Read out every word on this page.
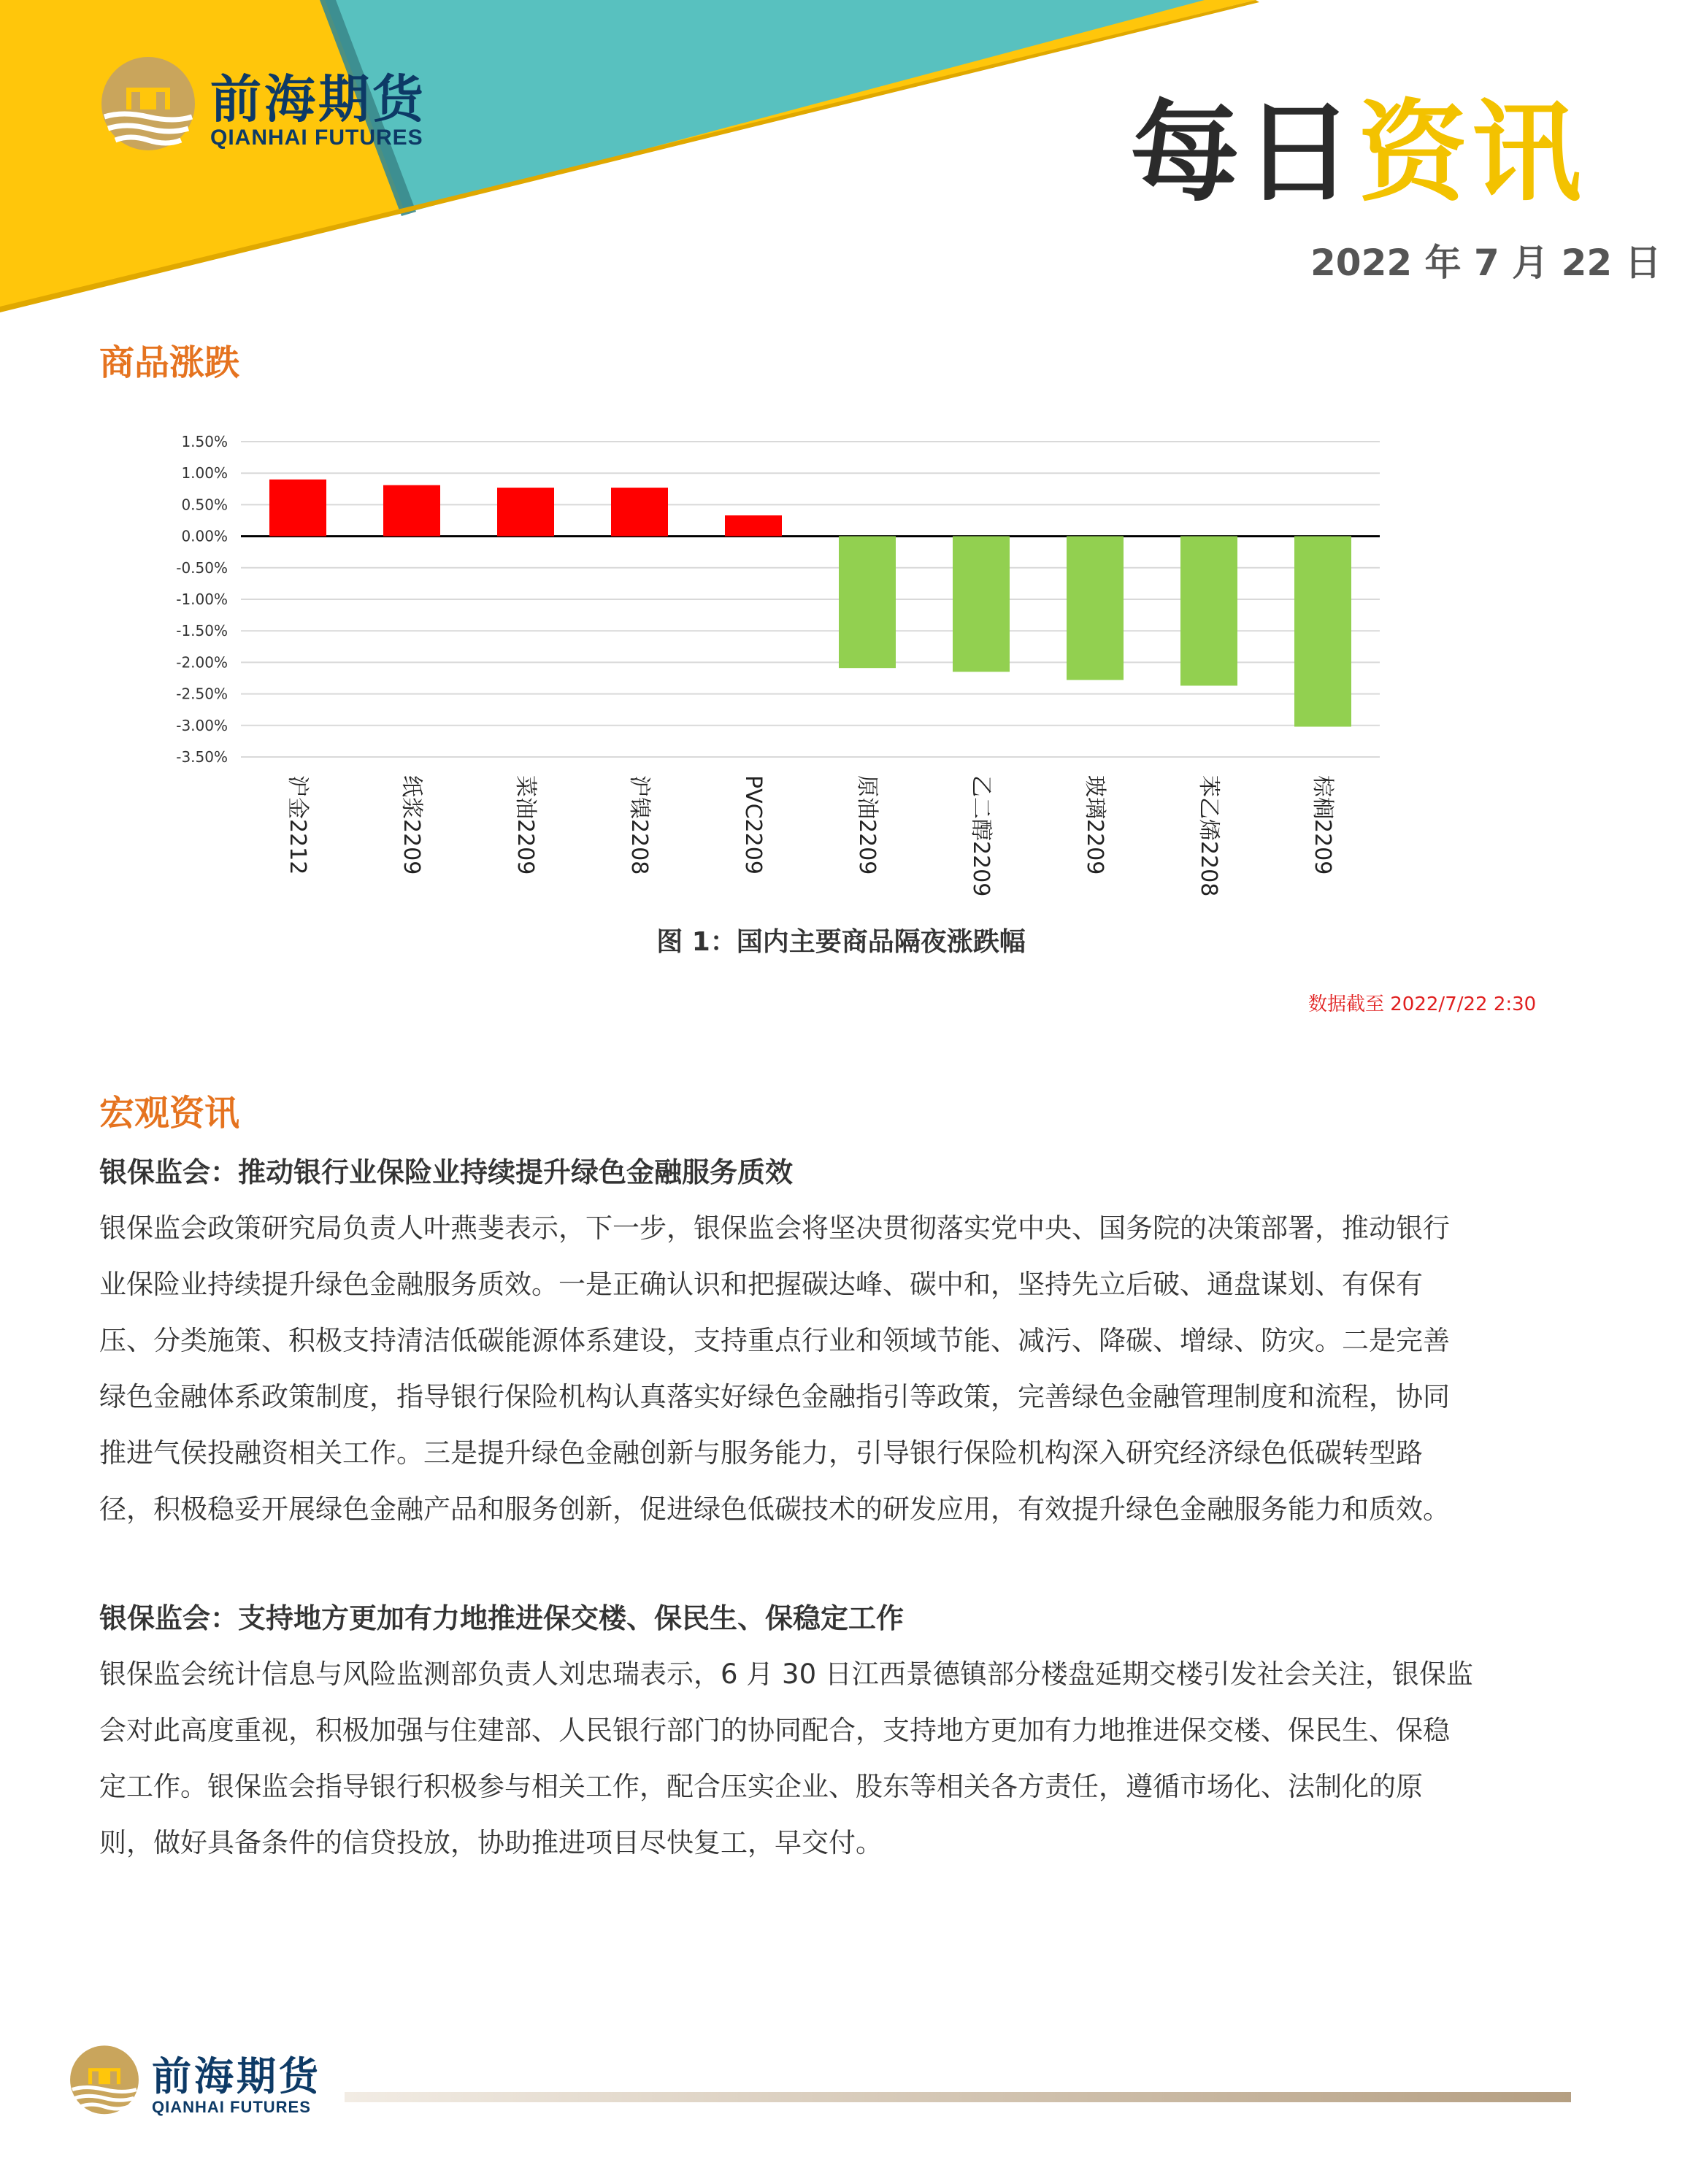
前海期货
QIANHAI FUTURES	每日资讯
2022 年 7 月 22 日
商品涨跌
1.50%
1.00%
0.50%
0.00%
-0.50%
-1.00%
-1.50%
-2.00%
-2.50%
-3.00%
-3.50%
沪金2212	纸浆2209	菜油2209	沪镍2208	PVC2209	原油2209	乙二醇2209	玻璃2209	苯乙烯2208	棕榈2209
图 1：国内主要商品隔夜涨跌幅
数据截至 2022/7/22 2:30
宏观资讯
银保监会：推动银行业保险业持续提升绿色金融服务质效
银保监会政策研究局负责人叶燕斐表示，下一步，银保监会将坚决贯彻落实党中央、国务院的决策部署，推动银行
业保险业持续提升绿色金融服务质效。一是正确认识和把握碳达峰、碳中和，坚持先立后破、通盘谋划、有保有
压、分类施策、积极支持清洁低碳能源体系建设，支持重点行业和领域节能、减污、降碳、增绿、防灾。二是完善
绿色金融体系政策制度，指导银行保险机构认真落实好绿色金融指引等政策，完善绿色金融管理制度和流程，协同
推进气侯投融资相关工作。三是提升绿色金融创新与服务能力，引导银行保险机构深入研究经济绿色低碳转型路
径，积极稳妥开展绿色金融产品和服务创新，促进绿色低碳技术的研发应用，有效提升绿色金融服务能力和质效。
银保监会：支持地方更加有力地推进保交楼、保民生、保稳定工作
银保监会统计信息与风险监测部负责人刘忠瑞表示，6 月 30 日江西景德镇部分楼盘延期交楼引发社会关注，银保监
会对此高度重视，积极加强与住建部、人民银行部门的协同配合，支持地方更加有力地推进保交楼、保民生、保稳
定工作。银保监会指导银行积极参与相关工作，配合压实企业、股东等相关各方责任，遵循市场化、法制化的原
则，做好具备条件的信贷投放，协助推进项目尽快复工，早交付。
前海期货
QIANHAI FUTURES
